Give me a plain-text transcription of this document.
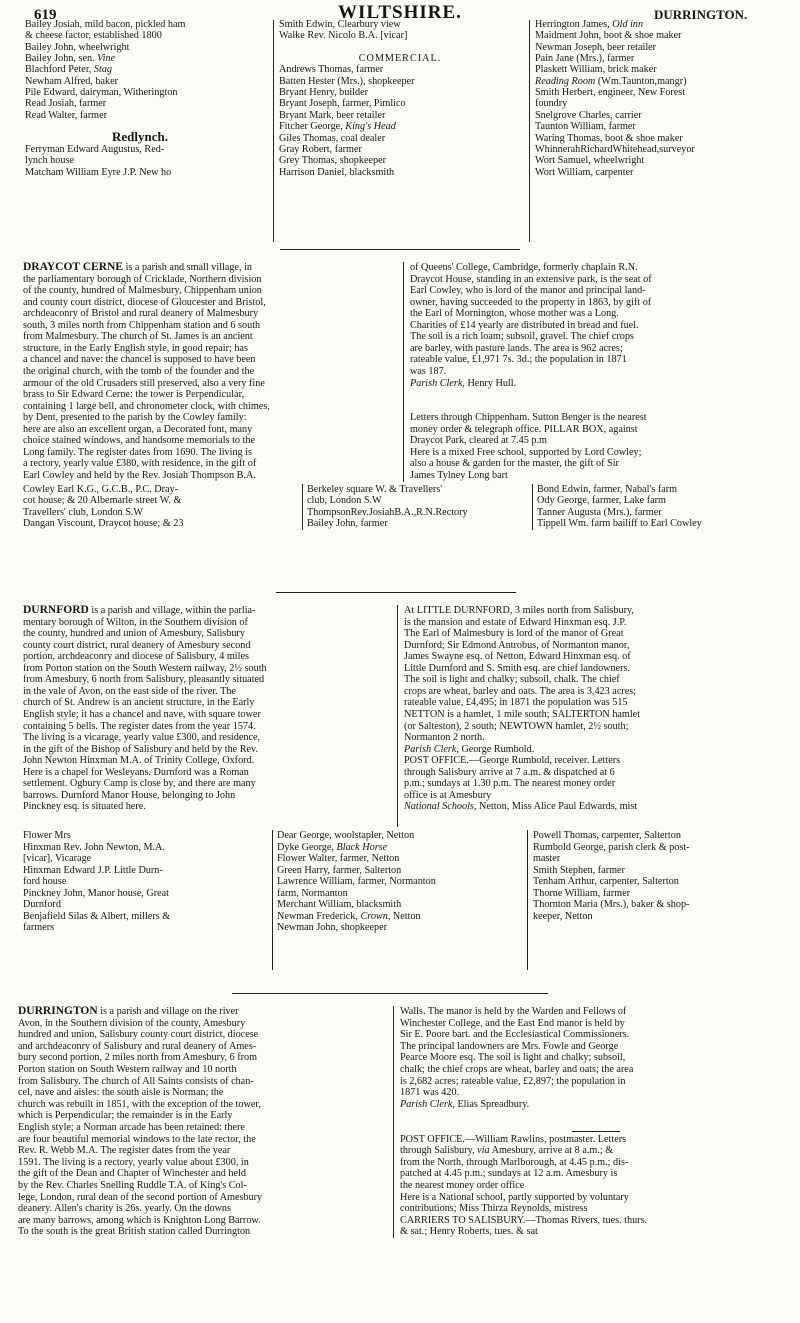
619	WILTSHIRE.	DURRINGTON.
Bailey Josiah, mild bacon, pickled ham
& cheese factor, established 1800
Bailey John, wheelwright
Bailey John, sen. Vine
Blachford Peter, Stag
Newham Alfred, baker
Pile Edward, dairyman, Witherington
Read Josiah, farmer
Read Walter, farmer
Redlynch.
Ferryman Edward Augustus, Red-
lynch house
Matcham William Eyre J.P. New ho
Smith Edwin, Clearbury view
Walke Rev. Nicolo B.A. [vicar]
COMMERCIAL.
Andrews Thomas, farmer
Batten Hester (Mrs.), shopkeeper
Bryant Henry, builder
Bryant Joseph, farmer, Pimlico
Bryant Mark, beer retailer
Fitcher George, King's Head
Giles Thomas, coal dealer
Gray Robert, farmer
Grey Thomas, shopkeeper
Harrison Daniel, blacksmith
Herrington James, Old inn
Maidment John, boot & shoe maker
Newman Joseph, beer retailer
Pain Jane (Mrs.), farmer
Plaskett William, brick maker
Reading Room (Wm.Taunton,mangr)
Smith Herbert, engineer, New Forest
foundry
Snelgrove Charles, carrier
Taunton William, farmer
Waring Thomas, boot & shoe maker
WhinnerahRichardWhitehead,surveyor
Wort Samuel, wheelwright
Wort William, carpenter
DRAYCOT CERNE is a parish and small village, in
the parliamentary borough of Cricklade, Northern division
of the county, hundred of Malmesbury, Chippenham union
and county court district, diocese of Gloucester and Bristol,
archdeaconry of Bristol and rural deanery of Malmesbury
south, 3 miles north from Chippenham station and 6 south
from Malmesbury. The church of St. James is an ancient
structure, in the Early English style, in good repair; has
a chancel and nave: the chancel is supposed to have been
the original church, with the tomb of the founder and the
armour of the old Crusaders still preserved, also a very fine
brass to Sir Edward Cerne: the tower is Perpendicular,
containing 1 large bell, and chronometer clock, with chimes,
by Dent, presented to the parish by the Cowley family:
here are also an excellent organ, a Decorated font, many
choice stained windows, and handsome memorials to the
Long family. The register dates from 1690. The living is
a rectory, yearly value £380, with residence, in the gift of
Earl Cowley and held by the Rev. Josiah Thompson B.A.
of Queens' College, Cambridge, formerly chaplain R.N.
Draycot House, standing in an extensive park, is the seat of
Earl Cowley, who is lord of the manor and principal land-
owner, having succeeded to the property in 1863, by gift of
the Earl of Mornington, whose mother was a Long.
Charities of £14 yearly are distributed in bread and fuel.
The soil is a rich loam; subsoil, gravel. The chief crops
are barley, with pasture lands. The area is 962 acres;
rateable value, £1,971 7s. 3d.; the population in 1871
was 187.
Parish Clerk, Henry Hull.
Letters through Chippenham. Sutton Benger is the nearest
money order & telegraph office. PILLAR BOX, against
Draycot Park, cleared at 7.45 p.m
Here is a mixed Free school, supported by Lord Cowley;
also a house & garden for the master, the gift of Sir
James Tylney Long bart
Cowley Earl K.G., G.C.B., P.C. Dray-
cot house; & 20 Albemarle street W. &
Travellers' club, London S.W
Dangan Viscount, Draycot house; & 23
Berkeley square W. & Travellers'
club, London S.W
ThompsonRev.JosiahB.A.,R.N.Rectory
Bailey John, farmer
Bond Edwin, farmer, Nabal's farm
Ody George, farmer, Lake farm
Tanner Augusta (Mrs.), farmer
Tippell Wm. farm bailiff to Earl Cowley
DURNFORD is a parish and village, within the parlia-
mentary borough of Wilton, in the Southern division of
the county, hundred and union of Amesbury, Salisbury
county court district, rural deanery of Amesbury second
portion, archdeaconry and diocese of Salisbury, 4 miles
from Porton station on the South Western railway, 2½ south
from Amesbury, 6 north from Salisbury, pleasantly situated
in the vale of Avon, on the east side of the river. The
church of St. Andrew is an ancient structure, in the Early
English style; it has a chancel and nave, with square tower
containing 5 bells. The register dates from the year 1574.
The living is a vicarage, yearly value £300, and residence,
in the gift of the Bishop of Salisbury and held by the Rev.
John Newton Hinxman M.A. of Trinity College, Oxford.
Here is a chapel for Wesleyans. Durnford was a Roman
settlement. Ogbury Camp is close by, and there are many
barrows. Durnford Manor House, belonging to John
Pinckney esq. is situated here.
At LITTLE DURNFORD, 3 miles north from Salisbury,
is the mansion and estate of Edward Hinxman esq. J.P.
The Earl of Malmesbury is lord of the manor of Great
Durnford; Sir Edmond Antrobus, of Normanton manor,
James Swayne esq. of Netton, Edward Hinxman esq. of
Little Durnford and S. Smith esq. are chief landowners.
The soil is light and chalky; subsoil, chalk. The chief
crops are wheat, barley and oats. The area is 3,423 acres;
rateable value, £4,495; in 1871 the population was 515
NETTON is a hamlet, 1 mile south; SALTERTON hamlet
(or Salteston), 2 south; NEWTOWN hamlet, 2½ south;
Normanton 2 north.
Parish Clerk, George Rumbold.
POST OFFICE.—George Rumbold, receiver. Letters
through Salisbury arrive at 7 a.m. & dispatched at 6
p.m.; sundays at 1.30 p.m. The nearest money order
office is at Amesbury
National Schools, Netton, Miss Alice Paul Edwards, mist
Flower Mrs
Hinxman Rev. John Newton, M.A.
[vicar], Vicarage
Hinxman Edward J.P. Little Durn-
ford house
Pinckney John, Manor house, Great
Durnford
Benjafield Silas & Albert, millers &
farmers
Dear George, woolstapler, Netton
Dyke George, Black Horse
Flower Walter, farmer, Netton
Green Harry, farmer, Salterton
Lawrence William, farmer, Normanton
farm, Normanton
Merchant William, blacksmith
Newman Frederick, Crown, Netton
Newman John, shopkeeper
Powell Thomas, carpenter, Salterton
Rumbold George, parish clerk & post-
master
Smith Stephen, farmer
Tenham Arthur, carpenter, Salterton
Thorne William, farmer
Thornton Maria (Mrs.), baker & shop-
keeper, Netton
DURRINGTON is a parish and village on the river
Avon, in the Southern division of the county, Amesbury
hundred and union, Salisbury county court district, diocese
and archdeaconry of Salisbury and rural deanery of Ames-
bury second portion, 2 miles north from Amesbury, 6 from
Porton station on South Western railway and 10 north
from Salisbury. The church of All Saints consists of chan-
cel, nave and aisles: the south aisle is Norman; the
church was rebuilt in 1851, with the exception of the tower,
which is Perpendicular; the remainder is in the Early
English style; a Norman arcade has been retained: there
are four beautiful memorial windows to the late rector, the
Rev. R. Webb M.A. The register dates from the year
1591. The living is a rectory, yearly value about £300, in
the gift of the Dean and Chapter of Winchester and held
by the Rev. Charles Snelling Ruddle T.A. of King's Col-
lege, London, rural dean of the second portion of Amesbury
deanery. Allen's charity is 26s. yearly. On the downs
are many barrows, among which is Knighton Long Barrow.
To the south is the great British station called Durrington
Walls. The manor is held by the Warden and Fellows of
Winchester College, and the East End manor is held by
Sir E. Poore bart. and the Ecclesiastical Commissioners.
The principal landowners are Mrs. Fowle and George
Pearce Moore esq. The soil is light and chalky; subsoil,
chalk; the chief crops are wheat, barley and oats; the area
is 2,682 acres; rateable value, £2,897; the population in
1871 was 420.
Parish Clerk, Elias Spreadbury.
POST OFFICE.—William Rawlins, postmaster. Letters
through Salisbury, via Amesbury, arrive at 8 a.m.; &
from the North, through Marlborough, at 4.45 p.m.; dis-
patched at 4.45 p.m.; sundays at 12 a.m. Amesbury is
the nearest money order office
Here is a National school, partly supported by voluntary
contributions; Miss Thirza Reynolds, mistress
CARRIERS TO SALISBURY.—Thomas Rivers, tues. thurs.
& sat.; Henry Roberts, tues. & sat
